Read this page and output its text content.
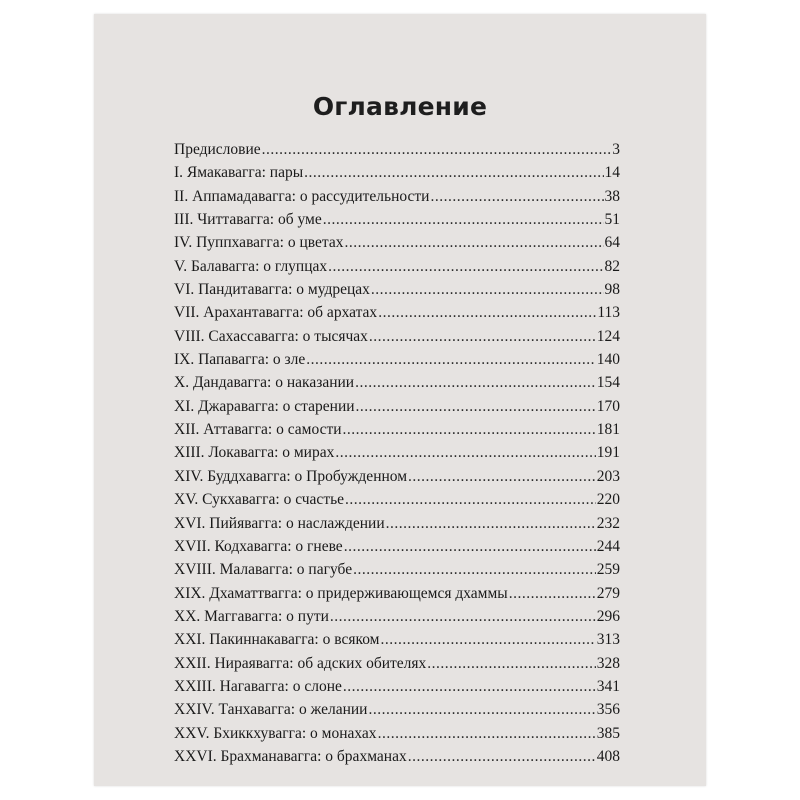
Оглавление
Предисловие .....	3
I. Ямакавагга: пары .....	14
II. Аппамадавагга: о рассудительности .....	38
III. Читтавагга: об уме .....	51
IV. Пуппхавагга: о цветах .....	64
V. Балавагга: о глупцах .....	82
VI. Пандитавагга: о мудрецах .....	98
VII. Арахантавагга: об архатах .....	113
VIII. Сахассавагга: о тысячах .....	124
IX. Папавагга: о зле .....	140
X. Дандавагга: о наказании .....	154
XI. Джаравагга: о старении .....	170
XII. Аттавагга: о самости .....	181
XIII. Локавагга: о мирах .....	191
XIV. Буддхавагга: о Пробужденном .....	203
XV. Сукхавагга: о счастье .....	220
XVI. Пийявагга: о наслаждении .....	232
XVII. Кодхавагга: о гневе .....	244
XVIII. Малавагга: о пагубе .....	259
XIX. Дхаматтвагга: о придерживающемся дхаммы .....	279
XX. Маггавагга: о пути .....	296
XXI. Пакиннакавагга: о всяком .....	313
XXII. Нираявагга: об адских обителях .....	328
XXIII. Нагавагга: о слоне .....	341
XXIV. Танхавагга: о желании .....	356
XXV. Бхиккхувагга: о монахах .....	385
XXVI. Брахманавагга: о брахманах .....	408
